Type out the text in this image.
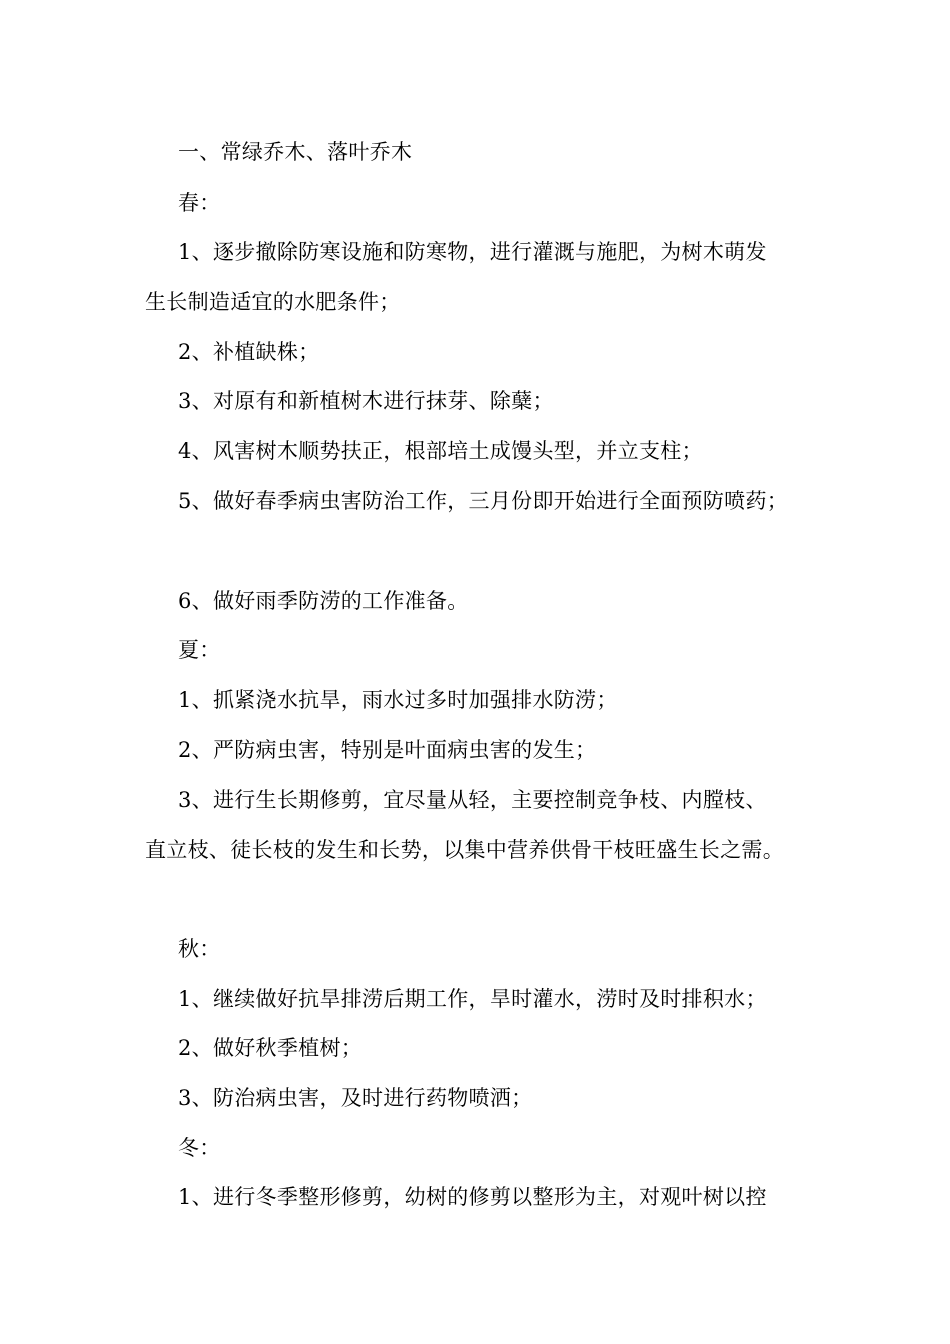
一、常绿乔木、落叶乔木
春：
1、逐步撤除防寒设施和防寒物，进行灌溉与施肥，为树木萌发
生长制造适宜的水肥条件；
2、补植缺株；
3、对原有和新植树木进行抹芽、除蘖；
4、风害树木顺势扶正，根部培土成馒头型，并立支柱；
5、做好春季病虫害防治工作，三月份即开始进行全面预防喷药；
6、做好雨季防涝的工作准备。
夏：
1、抓紧浇水抗旱，雨水过多时加强排水防涝；
2、严防病虫害，特别是叶面病虫害的发生；
3、进行生长期修剪，宜尽量从轻，主要控制竞争枝、内膛枝、
直立枝、徒长枝的发生和长势，以集中营养供骨干枝旺盛生长之需。
秋：
1、继续做好抗旱排涝后期工作，旱时灌水，涝时及时排积水；
2、做好秋季植树；
3、防治病虫害，及时进行药物喷洒；
冬：
1、进行冬季整形修剪，幼树的修剪以整形为主，对观叶树以控
